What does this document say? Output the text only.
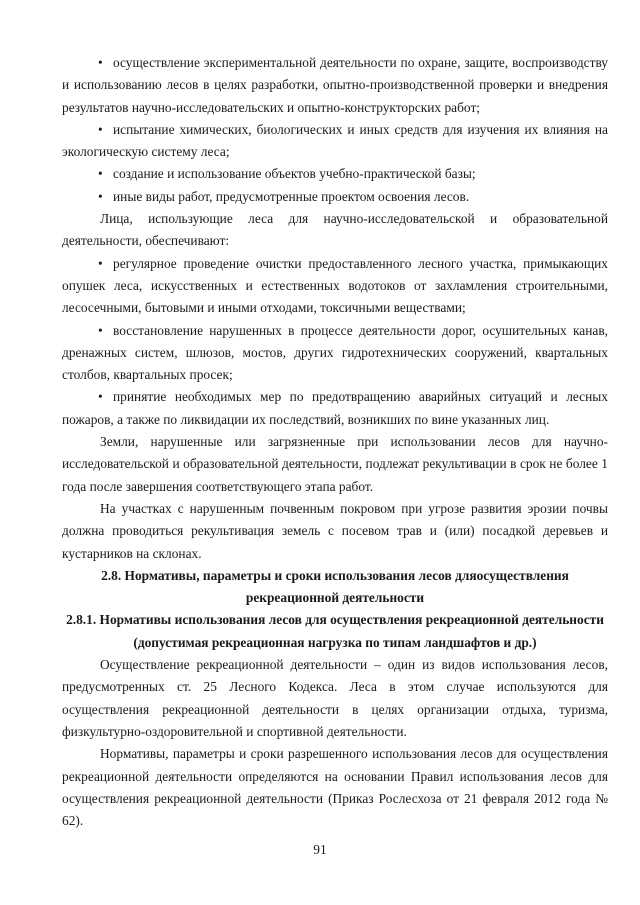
• осуществление экспериментальной деятельности по охране, защите, воспроизводству и использованию лесов в целях разработки, опытно-производственной проверки и внедрения результатов научно-исследовательских и опытно-конструкторских работ;

• испытание химических, биологических и иных средств для изучения их влияния на экологическую систему леса;

• создание и использование объектов учебно-практической базы;

• иные виды работ, предусмотренные проектом освоения лесов.

Лица, использующие леса для научно-исследовательской и образовательной деятельности, обеспечивают:

• регулярное проведение очистки предоставленного лесного участка, примыкающих опушек леса, искусственных и естественных водотоков от захламления строительными, лесосечными, бытовыми и иными отходами, токсичными веществами;

• восстановление нарушенных в процессе деятельности дорог, осушительных канав, дренажных систем, шлюзов, мостов, других гидротехнических сооружений, квартальных столбов, квартальных просек;

• принятие необходимых мер по предотвращению аварийных ситуаций и лесных пожаров, а также по ликвидации их последствий, возникших по вине указанных лиц.

Земли, нарушенные или загрязненные при использовании лесов для научно-исследовательской и образовательной деятельности, подлежат рекультивации в срок не более 1 года после завершения соответствующего этапа работ.

На участках с нарушенным почвенным покровом при угрозе развития эрозии почвы должна проводиться рекультивация земель с посевом трав и (или) посадкой деревьев и кустарников на склонах.

2.8. Нормативы, параметры и сроки использования лесов дляосуществления рекреационной деятельности

2.8.1. Нормативы использования лесов для осуществления рекреационной деятельности (допустимая рекреационная нагрузка по типам ландшафтов и др.)

Осуществление рекреационной деятельности – один из видов использования лесов, предусмотренных ст. 25 Лесного Кодекса. Леса в этом случае используются для осуществления рекреационной деятельности в целях организации отдыха, туризма, физкультурно-оздоровительной и спортивной деятельности.

Нормативы, параметры и сроки разрешенного использования лесов для осуществления рекреационной деятельности определяются на основании Правил использования лесов для осуществления рекреационной деятельности (Приказ Рослесхоза от 21 февраля 2012 года № 62).

91
